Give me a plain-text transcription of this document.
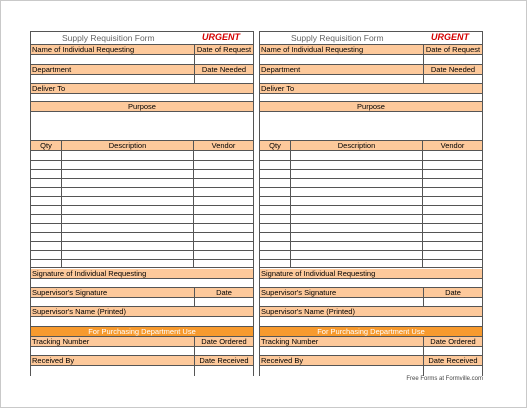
Supply Requisition Form	URGENT
Name of Individual Requesting	Date of Request
Department	Date Needed
Deliver To
Purpose
Qty	Description	Vendor
Signature of Individual Requesting
Supervisor's Signature	Date
Supervisor's Name (Printed)
For Purchasing Department Use
Tracking Number	Date Ordered
Received By	Date Received
Supply Requisition Form	URGENT
Name of Individual Requesting	Date of Request
Department	Date Needed
Deliver To
Purpose
Qty	Description	Vendor
Signature of Individual Requesting
Supervisor's Signature	Date
Supervisor's Name (Printed)
For Purchasing Department Use
Tracking Number	Date Ordered
Received By	Date Received
Free Forms at Formville.com
